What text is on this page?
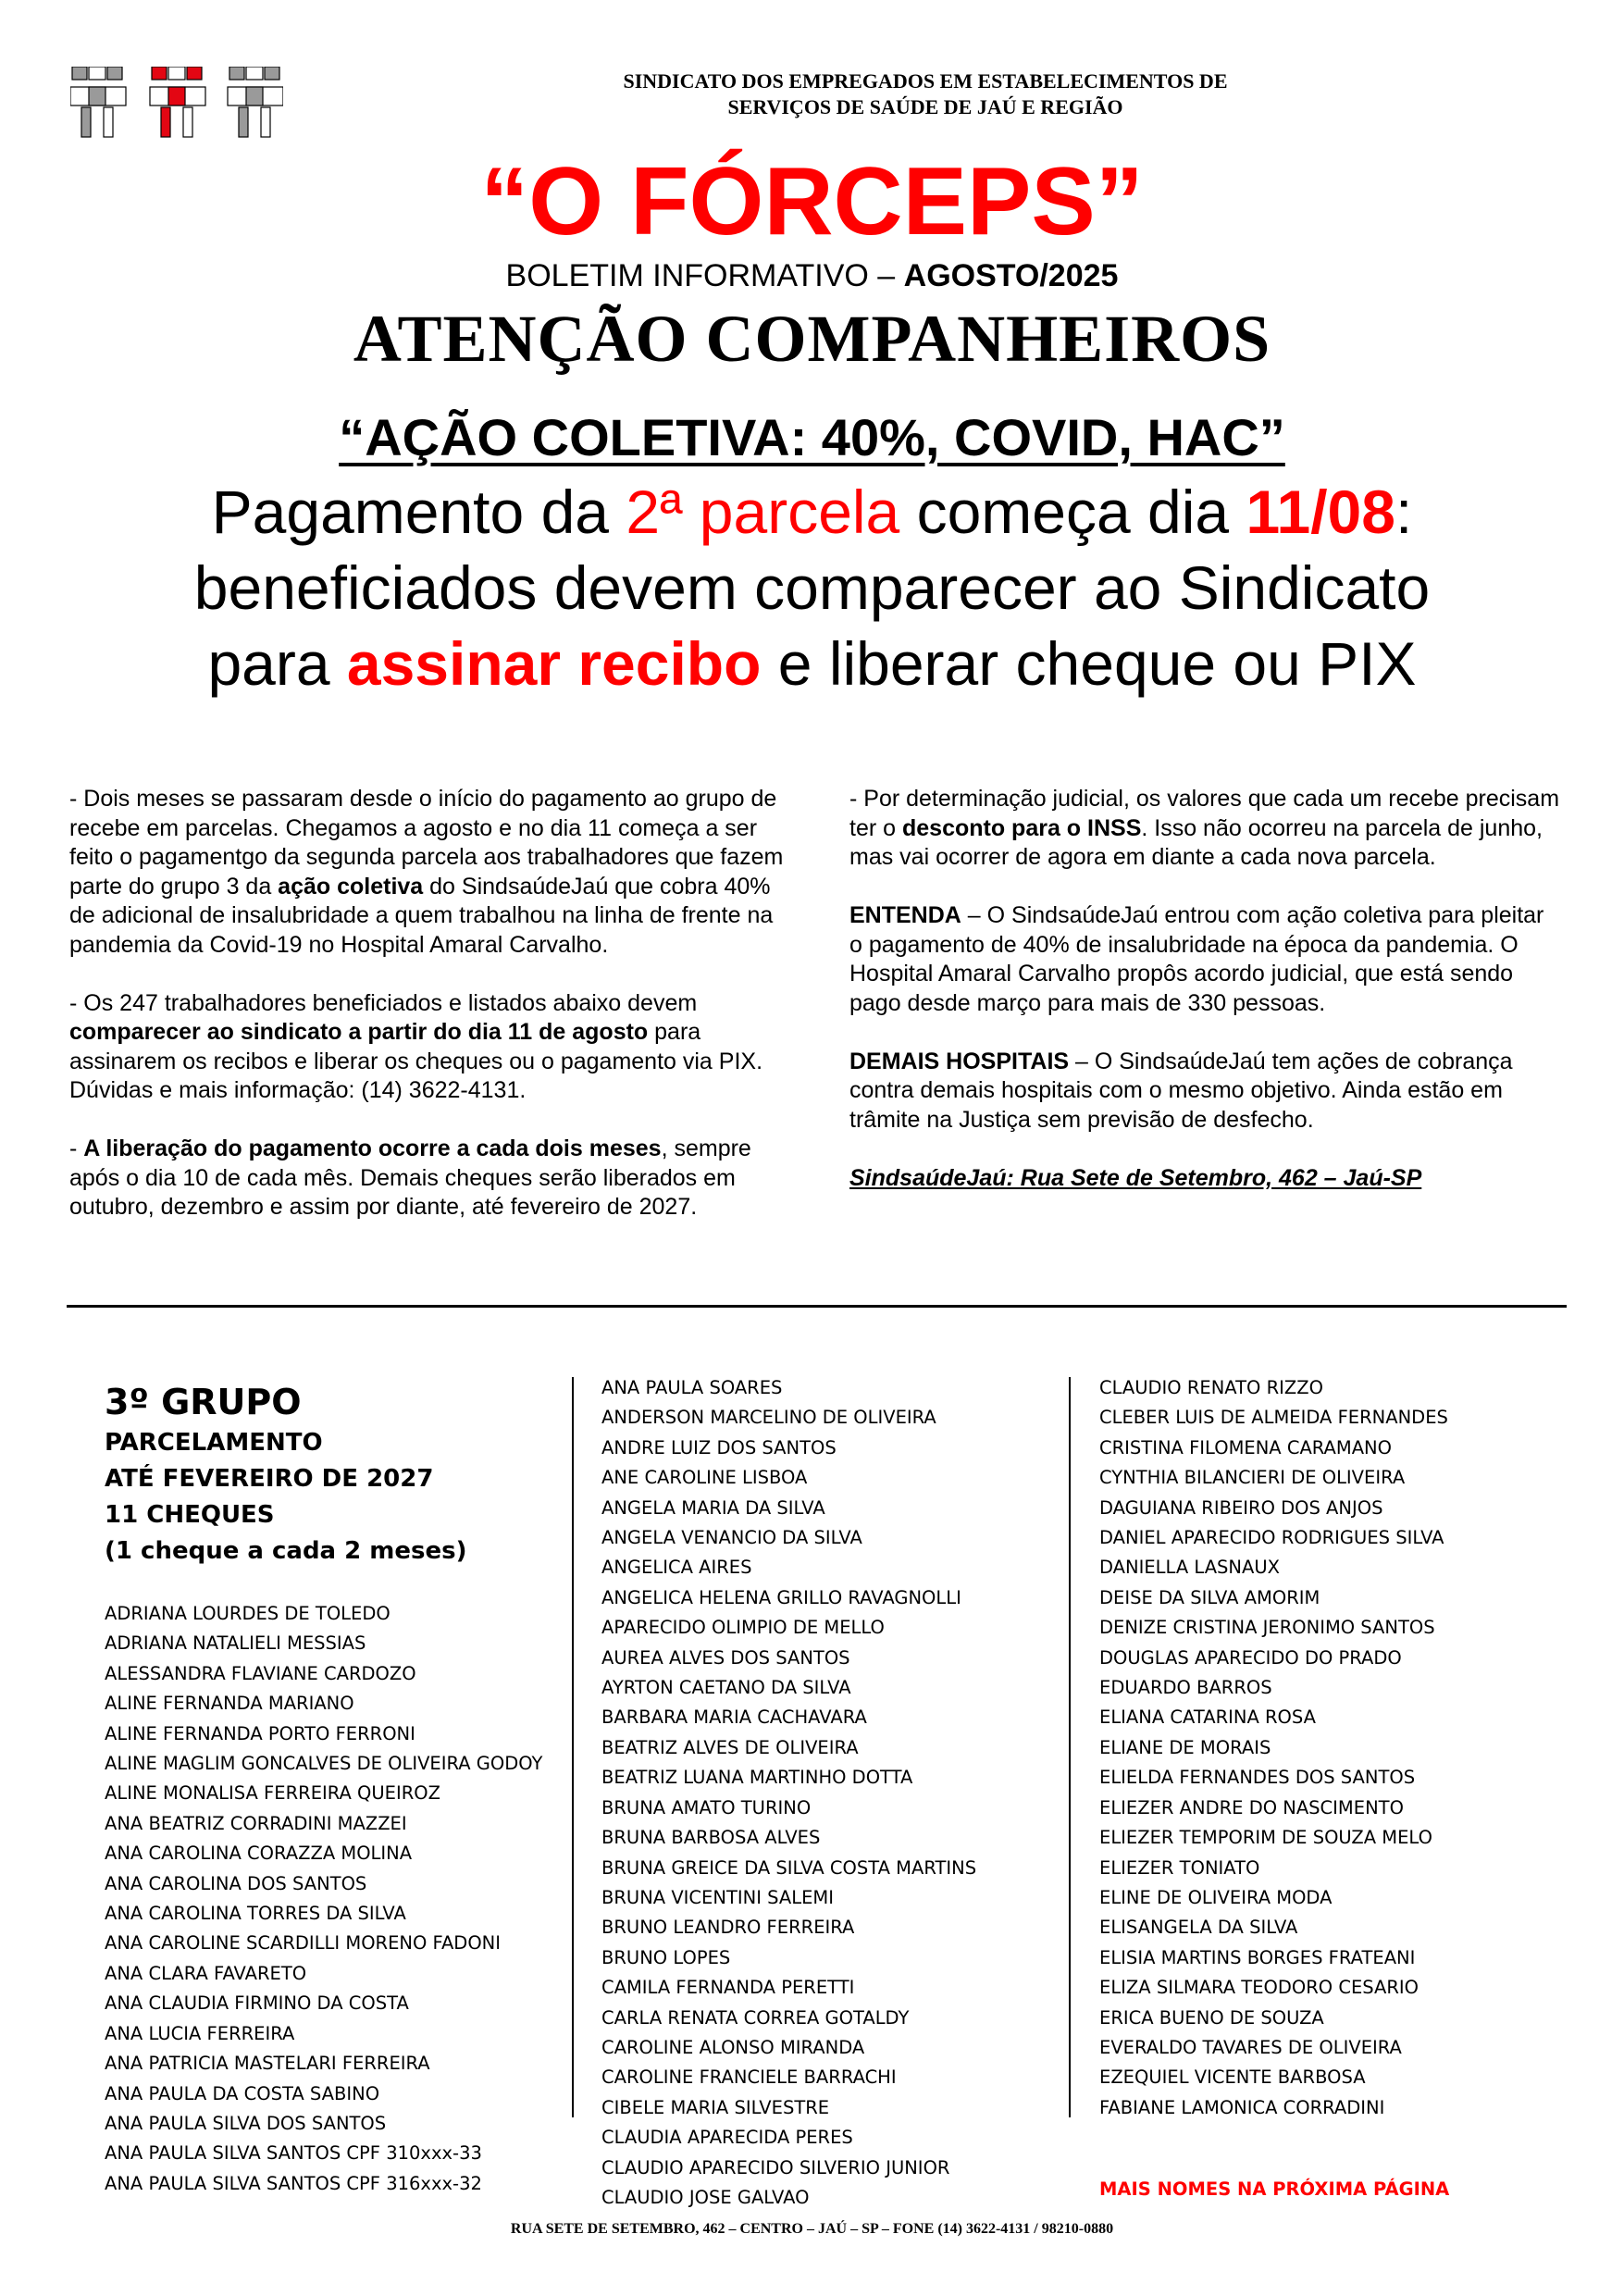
SINDICATO DOS EMPREGADOS EM ESTABELECIMENTOS DE
SERVIÇOS DE SAÚDE DE JAÚ E REGIÃO
“O FÓRCEPS”
BOLETIM INFORMATIVO – AGOSTO/2025
ATENÇÃO COMPANHEIROS
“AÇÃO COLETIVA: 40%, COVID, HAC”
Pagamento da 2ª parcela começa dia 11/08:
beneficiados devem comparecer ao Sindicato
para assinar recibo e liberar cheque ou PIX

- Dois meses se passaram desde o início do pagamento ao grupo de recebe em parcelas. Chegamos a agosto e no dia 11 começa a ser feito o pagamentgo da segunda parcela aos trabalhadores que fazem parte do grupo 3 da ação coletiva do SindsaúdeJaú que cobra 40% de adicional de insalubridade a quem trabalhou na linha de frente na pandemia da Covid-19 no Hospital Amaral Carvalho.

- Os 247 trabalhadores beneficiados e listados abaixo devem comparecer ao sindicato a partir do dia 11 de agosto para assinarem os recibos e liberar os cheques ou o pagamento via PIX. Dúvidas e mais informação: (14) 3622-4131.

- A liberação do pagamento ocorre a cada dois meses, sempre após o dia 10 de cada mês. Demais cheques serão liberados em outubro, dezembro e assim por diante, até fevereiro de 2027.

- Por determinação judicial, os valores que cada um recebe precisam ter o desconto para o INSS. Isso não ocorreu na parcela de junho, mas vai ocorrer de agora em diante a cada nova parcela.

ENTENDA – O SindsaúdeJaú entrou com ação coletiva para pleitar o pagamento de 40% de insalubridade na época da pandemia. O Hospital Amaral Carvalho propôs acordo judicial, que está sendo pago desde março para mais de 330 pessoas.

DEMAIS HOSPITAIS – O SindsaúdeJaú tem ações de cobrança contra demais hospitais com o mesmo objetivo. Ainda estão em trâmite na Justiça sem previsão de desfecho.

SindsaúdeJaú: Rua Sete de Setembro, 462 – Jaú-SP

3º GRUPO
PARCELAMENTO
ATÉ FEVEREIRO DE 2027
11 CHEQUES
(1 cheque a cada 2 meses)
ADRIANA LOURDES DE TOLEDO
ADRIANA NATALIELI MESSIAS
ALESSANDRA FLAVIANE CARDOZO
ALINE FERNANDA MARIANO
ALINE FERNANDA PORTO FERRONI
ALINE MAGLIM GONCALVES DE OLIVEIRA GODOY
ALINE MONALISA FERREIRA QUEIROZ
ANA BEATRIZ CORRADINI MAZZEI
ANA CAROLINA CORAZZA MOLINA
ANA CAROLINA DOS SANTOS
ANA CAROLINA TORRES DA SILVA
ANA CAROLINE SCARDILLI MORENO FADONI
ANA CLARA FAVARETO
ANA CLAUDIA FIRMINO DA COSTA
ANA LUCIA FERREIRA
ANA PATRICIA MASTELARI FERREIRA
ANA PAULA DA COSTA SABINO
ANA PAULA SILVA DOS SANTOS
ANA PAULA SILVA SANTOS CPF 310xxx-33
ANA PAULA SILVA SANTOS CPF 316xxx-32
ANA PAULA SOARES
ANDERSON MARCELINO DE OLIVEIRA
ANDRE LUIZ DOS SANTOS
ANE CAROLINE LISBOA
ANGELA MARIA DA SILVA
ANGELA VENANCIO DA SILVA
ANGELICA AIRES
ANGELICA HELENA GRILLO RAVAGNOLLI
APARECIDO OLIMPIO DE MELLO
AUREA ALVES DOS SANTOS
AYRTON CAETANO DA SILVA
BARBARA MARIA CACHAVARA
BEATRIZ ALVES DE OLIVEIRA
BEATRIZ LUANA MARTINHO DOTTA
BRUNA AMATO TURINO
BRUNA BARBOSA ALVES
BRUNA GREICE DA SILVA COSTA MARTINS
BRUNA VICENTINI SALEMI
BRUNO LEANDRO FERREIRA
BRUNO LOPES
CAMILA FERNANDA PERETTI
CARLA RENATA CORREA GOTALDY
CAROLINE ALONSO MIRANDA
CAROLINE FRANCIELE BARRACHI
CIBELE MARIA SILVESTRE
CLAUDIA APARECIDA PERES
CLAUDIO APARECIDO SILVERIO JUNIOR
CLAUDIO JOSE GALVAO
CLAUDIO RENATO RIZZO
CLEBER LUIS DE ALMEIDA FERNANDES
CRISTINA FILOMENA CARAMANO
CYNTHIA BILANCIERI DE OLIVEIRA
DAGUIANA RIBEIRO DOS ANJOS
DANIEL APARECIDO RODRIGUES SILVA
DANIELLA LASNAUX
DEISE DA SILVA AMORIM
DENIZE CRISTINA JERONIMO SANTOS
DOUGLAS APARECIDO DO PRADO
EDUARDO BARROS
ELIANA CATARINA ROSA
ELIANE DE MORAIS
ELIELDA FERNANDES DOS SANTOS
ELIEZER ANDRE DO NASCIMENTO
ELIEZER TEMPORIM DE SOUZA MELO
ELIEZER TONIATO
ELINE DE OLIVEIRA MODA
ELISANGELA DA SILVA
ELISIA MARTINS BORGES FRATEANI
ELIZA SILMARA TEODORO CESARIO
ERICA BUENO DE SOUZA
EVERALDO TAVARES DE OLIVEIRA
EZEQUIEL VICENTE BARBOSA
FABIANE LAMONICA CORRADINI
MAIS NOMES NA PRÓXIMA PÁGINA
RUA SETE DE SETEMBRO, 462 – CENTRO – JAÚ – SP – FONE (14) 3622-4131 / 98210-0880
